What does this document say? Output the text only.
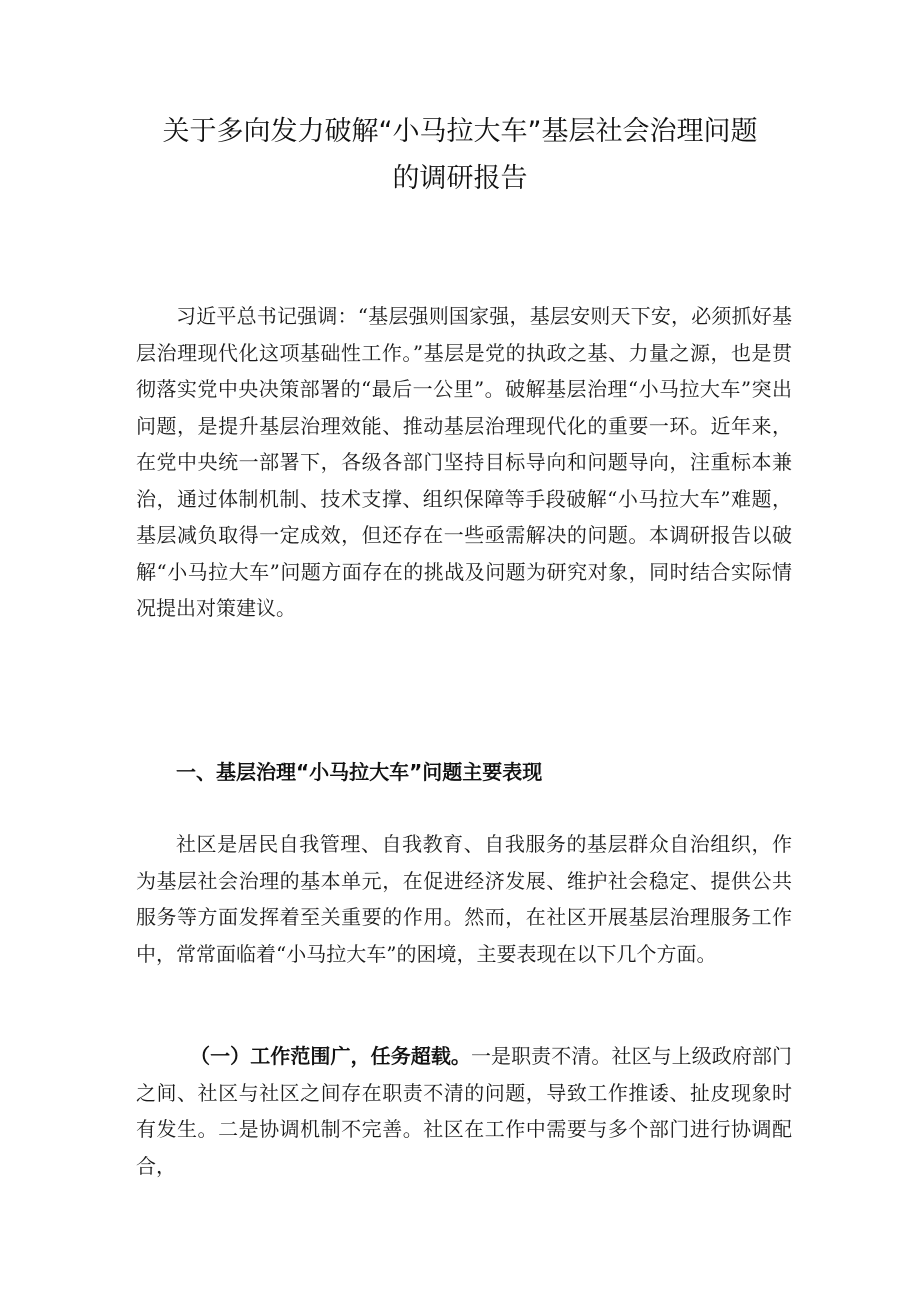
关于多向发力破解“小马拉大车”基层社会治理问题
的调研报告

习近平总书记强调：“基层强则国家强，基层安则天下安，必须抓好基层治理现代化这项基础性工作。”基层是党的执政之基、力量之源，也是贯彻落实党中央决策部署的“最后一公里”。破解基层治理“小马拉大车”突出问题，是提升基层治理效能、推动基层治理现代化的重要一环。近年来，在党中央统一部署下，各级各部门坚持目标导向和问题导向，注重标本兼治，通过体制机制、技术支撑、组织保障等手段破解“小马拉大车”难题，基层减负取得一定成效，但还存在一些亟需解决的问题。本调研报告以破解“小马拉大车”问题方面存在的挑战及问题为研究对象，同时结合实际情况提出对策建议。

一、基层治理“小马拉大车”问题主要表现

社区是居民自我管理、自我教育、自我服务的基层群众自治组织，作为基层社会治理的基本单元，在促进经济发展、维护社会稳定、提供公共服务等方面发挥着至关重要的作用。然而，在社区开展基层治理服务工作中，常常面临着“小马拉大车”的困境，主要表现在以下几个方面。

（一）工作范围广，任务超载。一是职责不清。社区与上级政府部门之间、社区与社区之间存在职责不清的问题，导致工作推诿、扯皮现象时有发生。二是协调机制不完善。社区在工作中需要与多个部门进行协调配合，
